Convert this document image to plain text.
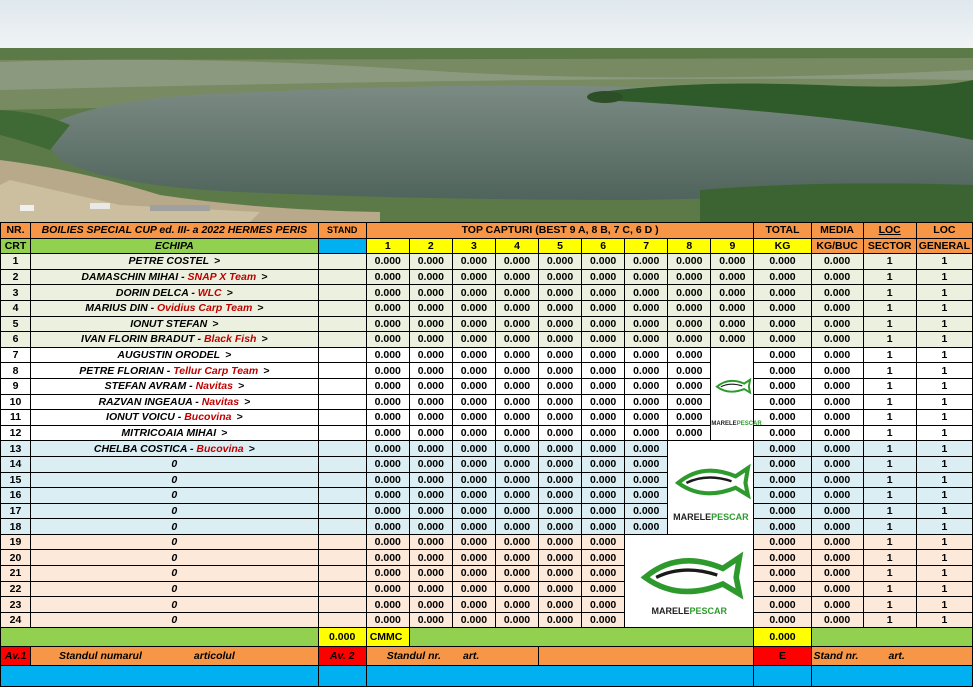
NR.	BOILIES SPECIAL CUP ed. III- a 2022 HERMES PERIS	STAND	TOP CAPTURI (BEST 9 A, 8 B, 7 C, 6 D )									TOTAL	MEDIA	LOC	LOC
CRT	ECHIPA		1	2	3	4	5	6	7	8	9	KG	KG/BUC	SECTOR	GENERAL
1	PETRE COSTEL >		0.000	0.000	0.000	0.000	0.000	0.000	0.000	0.000	0.000	0.000	0.000	1	1
2	DAMASCHIN MIHAI - SNAP X Team >		0.000	0.000	0.000	0.000	0.000	0.000	0.000	0.000	0.000	0.000	0.000	1	1
3	DORIN DELCA - WLC >		0.000	0.000	0.000	0.000	0.000	0.000	0.000	0.000	0.000	0.000	0.000	1	1
4	MARIUS DIN - Ovidius Carp Team >		0.000	0.000	0.000	0.000	0.000	0.000	0.000	0.000	0.000	0.000	0.000	1	1
5	IONUT STEFAN >		0.000	0.000	0.000	0.000	0.000	0.000	0.000	0.000	0.000	0.000	0.000	1	1
6	IVAN FLORIN BRADUT - Black Fish >		0.000	0.000	0.000	0.000	0.000	0.000	0.000	0.000	0.000	0.000	0.000	1	1
7	AUGUSTIN ORODEL >		0.000	0.000	0.000	0.000	0.000	0.000	0.000	0.000	MARELEPESCAR	0.000	0.000	1	1
8	PETRE FLORIAN - Tellur Carp Team >		0.000	0.000	0.000	0.000	0.000	0.000	0.000	0.000		0.000	0.000	1	1
9	STEFAN AVRAM - Navitas >		0.000	0.000	0.000	0.000	0.000	0.000	0.000	0.000		0.000	0.000	1	1
10	RAZVAN INGEAUA - Navitas >		0.000	0.000	0.000	0.000	0.000	0.000	0.000	0.000		0.000	0.000	1	1
11	IONUT VOICU - Bucovina >		0.000	0.000	0.000	0.000	0.000	0.000	0.000	0.000		0.000	0.000	1	1
12	MITRICOAIA MIHAI >		0.000	0.000	0.000	0.000	0.000	0.000	0.000	0.000		0.000	0.000	1	1
13	CHELBA COSTICA - Bucovina >		0.000	0.000	0.000	0.000	0.000	0.000	0.000	MARELEPESCAR		0.000	0.000	1	1
14	0		0.000	0.000	0.000	0.000	0.000	0.000	0.000			0.000	0.000	1	1
15	0		0.000	0.000	0.000	0.000	0.000	0.000	0.000			0.000	0.000	1	1
16	0		0.000	0.000	0.000	0.000	0.000	0.000	0.000			0.000	0.000	1	1
17	0		0.000	0.000	0.000	0.000	0.000	0.000	0.000			0.000	0.000	1	1
18	0		0.000	0.000	0.000	0.000	0.000	0.000	0.000			0.000	0.000	1	1
19	0		0.000	0.000	0.000	0.000	0.000	0.000	MARELEPESCAR			0.000	0.000	1	1
20	0		0.000	0.000	0.000	0.000	0.000	0.000				0.000	0.000	1	1
21	0		0.000	0.000	0.000	0.000	0.000	0.000				0.000	0.000	1	1
22	0		0.000	0.000	0.000	0.000	0.000	0.000				0.000	0.000	1	1
23	0		0.000	0.000	0.000	0.000	0.000	0.000				0.000	0.000	1	1
24	0		0.000	0.000	0.000	0.000	0.000	0.000				0.000	0.000	1	1
		0.000	CMMC									0.000			
Av.1	Standul numarul articolul	Av. 2	Standul nr. art.									E	Stand nr. art.		
